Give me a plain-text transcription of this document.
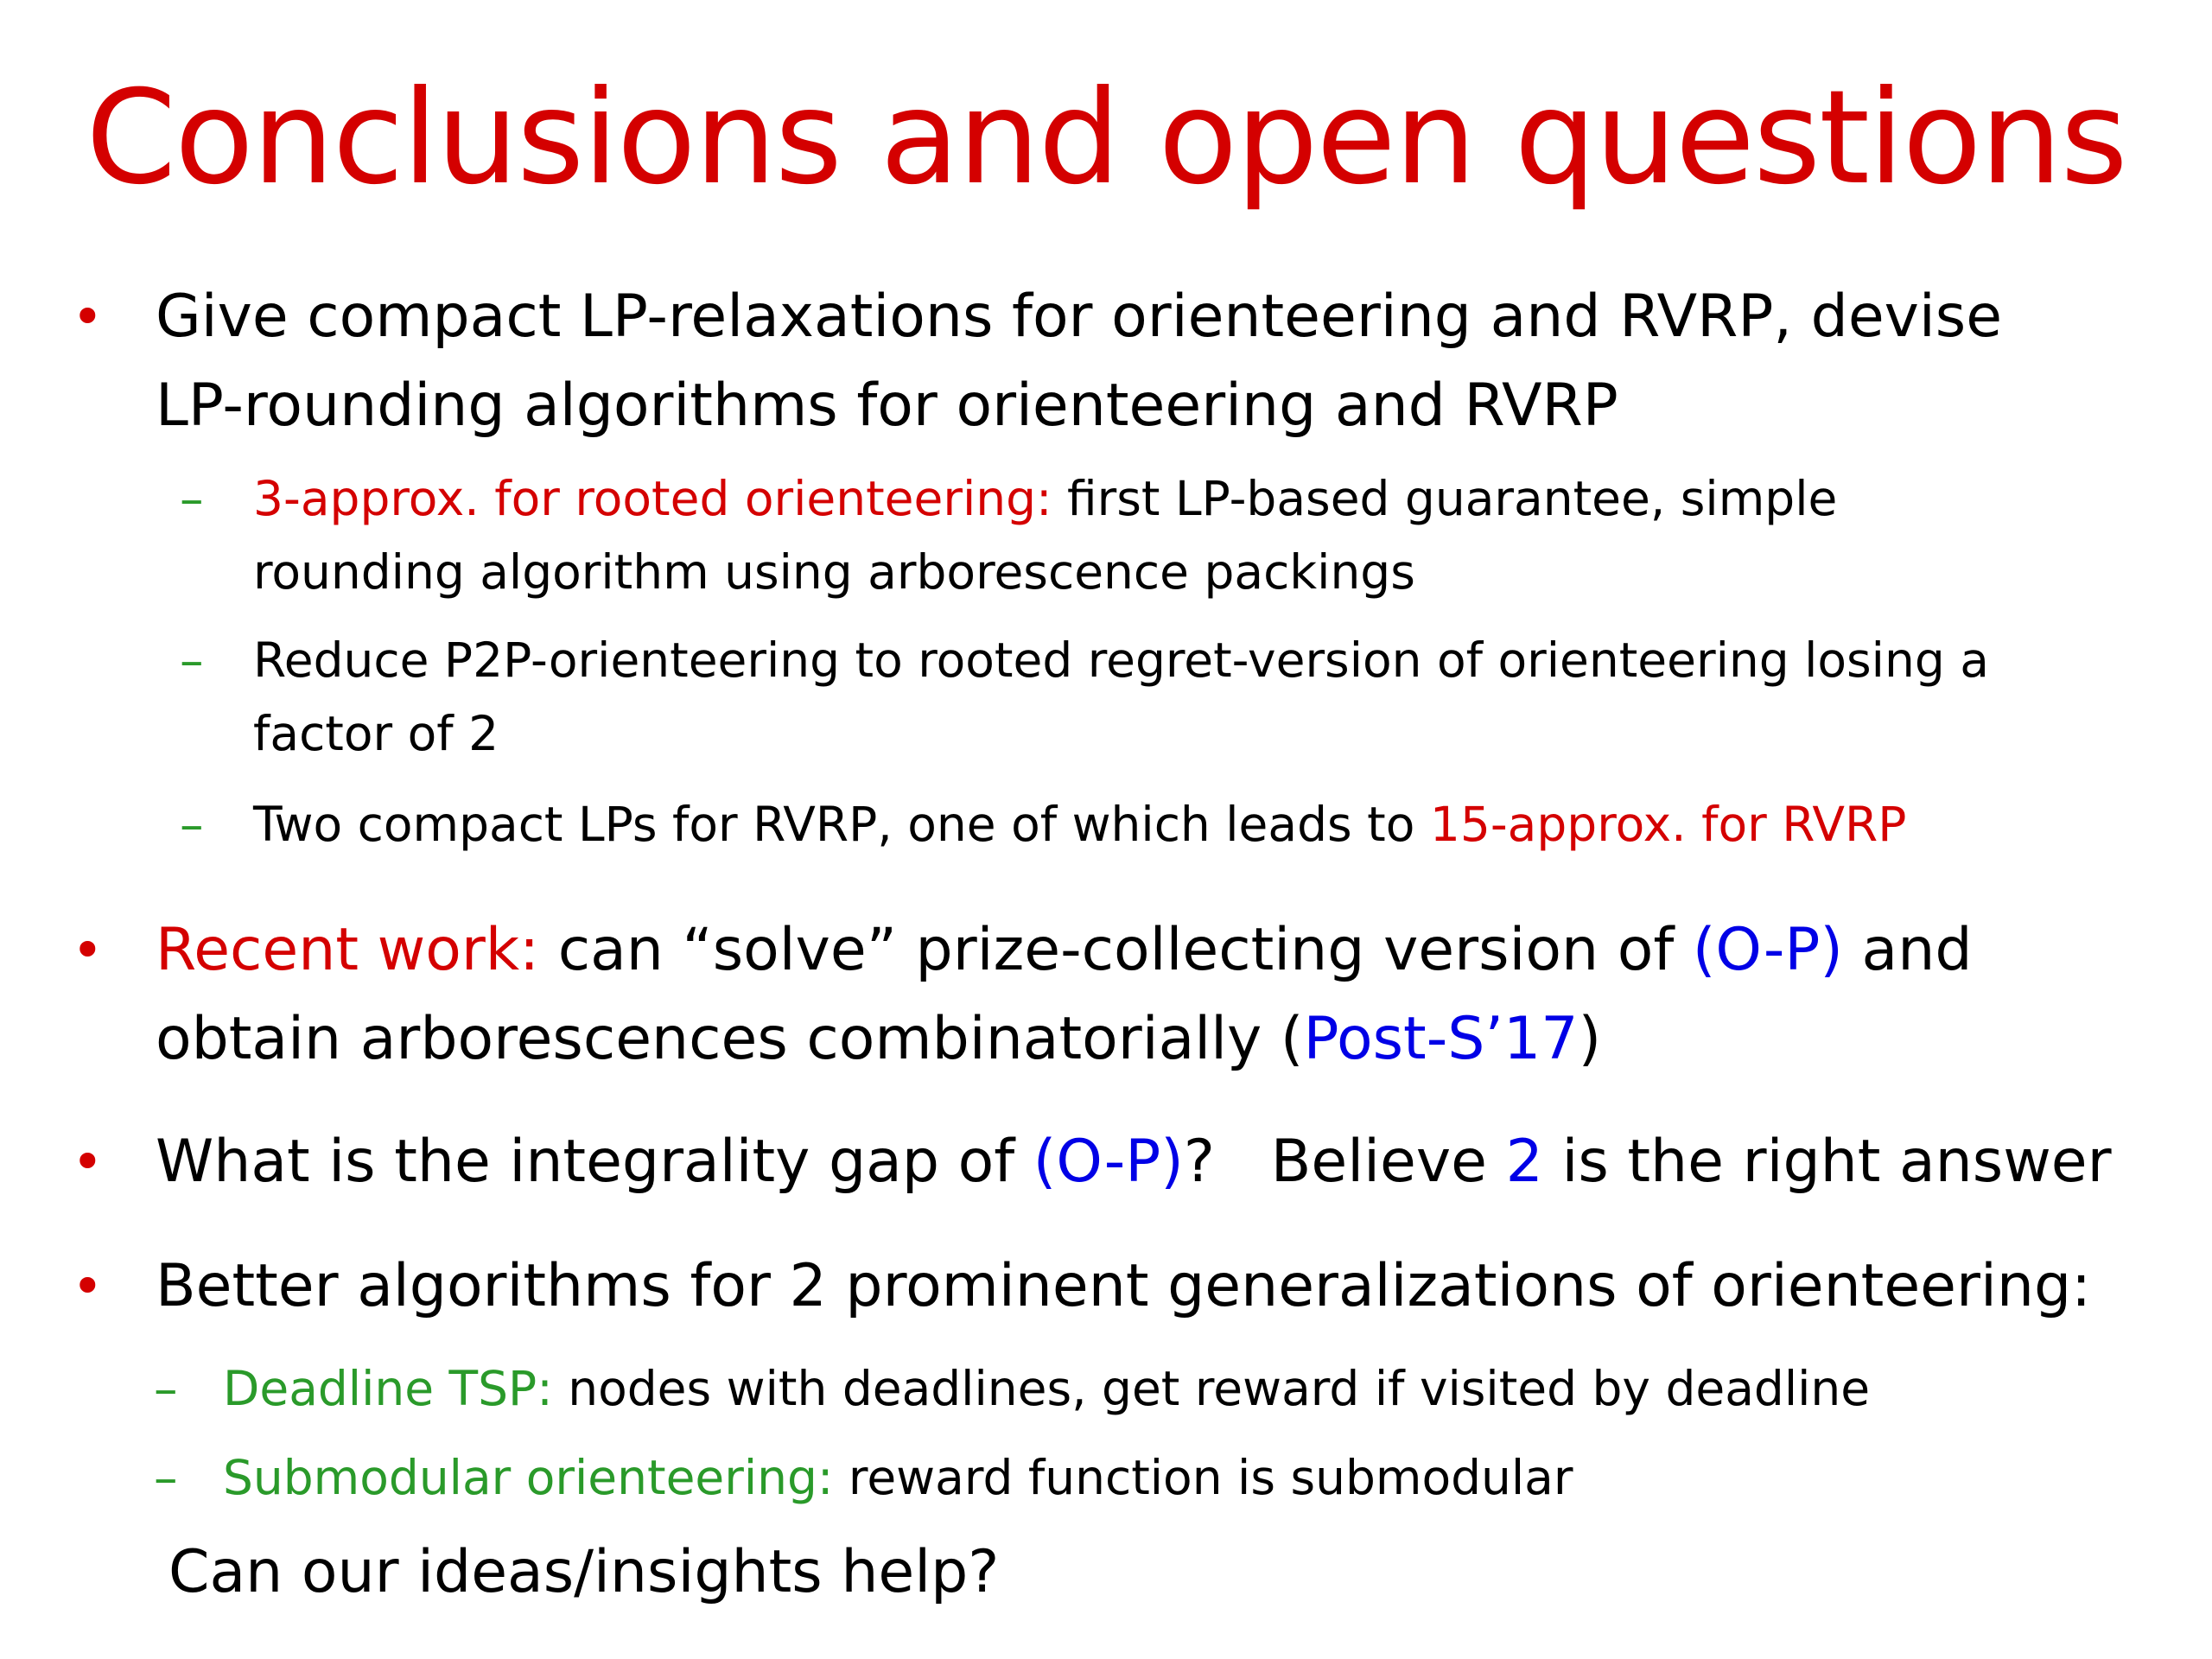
Conclusions and open questions
• Give compact LP-relaxations for orienteering and RVRP, devise
LP-rounding algorithms for orienteering and RVRP
– 3-approx. for rooted orienteering: first LP-based guarantee, simple
rounding algorithm using arborescence packings
– Reduce P2P-orienteering to rooted regret-version of orienteering losing a
factor of 2
– Two compact LPs for RVRP, one of which leads to 15-approx. for RVRP
• Recent work: can “solve” prize-collecting version of (O-P) and
obtain arborescences combinatorially (Post-S’17)
• What is the integrality gap of (O-P)?   Believe 2 is the right answer
• Better algorithms for 2 prominent generalizations of orienteering:
– Deadline TSP: nodes with deadlines, get reward if visited by deadline
– Submodular orienteering: reward function is submodular
Can our ideas/insights help?
